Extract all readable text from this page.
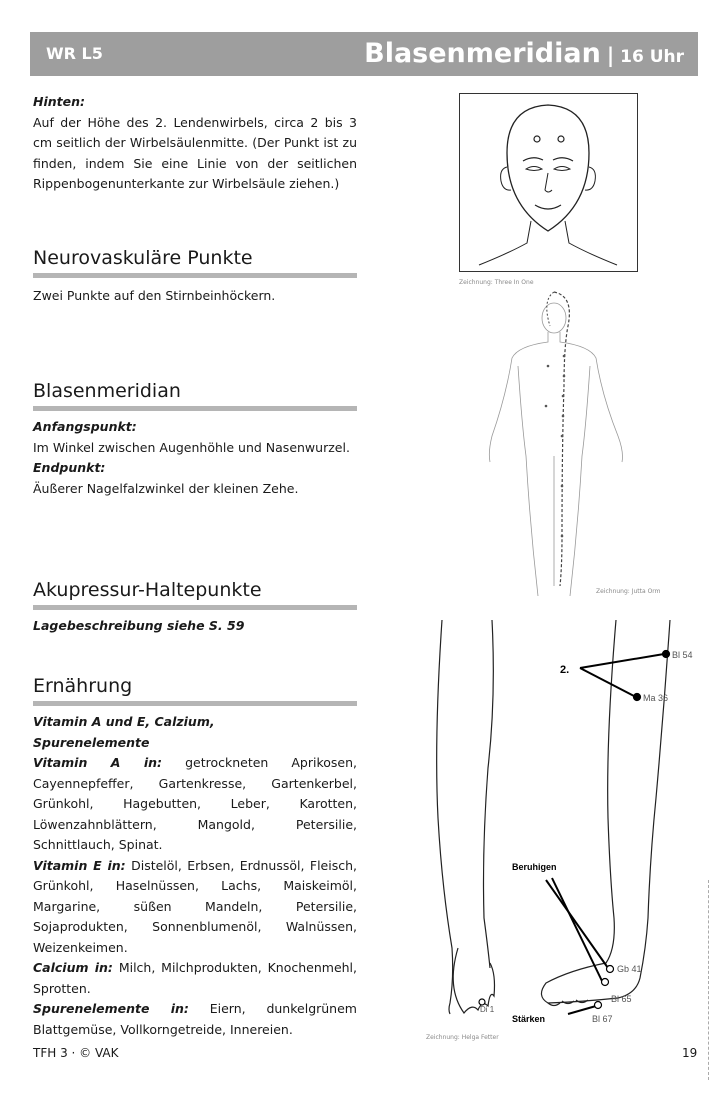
WR L5	Blasenmeridian | 16 Uhr
Hinten:
Auf der Höhe des 2. Lendenwirbels, circa 2 bis 3 cm seitlich der Wirbelsäulenmitte. (Der Punkt ist zu finden, indem Sie eine Linie von der seitlichen Rippenbogenunterkante zur Wirbelsäule ziehen.)
Neurovaskuläre Punkte
Zwei Punkte auf den Stirnbeinhöckern.
Blasenmeridian
Anfangspunkt:
Im Winkel zwischen Augenhöhle und Nasenwurzel.
Endpunkt:
Äußerer Nagelfalzwinkel der kleinen Zehe.
Akupressur-Haltepunkte
Lagebeschreibung siehe S. 59
Ernährung
Vitamin A und E, Calzium,
Spurenelemente
Vitamin A in: getrockneten Aprikosen, Cayennepfeffer, Gartenkresse, Gartenkerbel, Grünkohl, Hagebutten, Leber, Karotten, Löwenzahnblättern, Mangold, Petersilie, Schnittlauch, Spinat.
Vitamin E in: Distelöl, Erbsen, Erdnussöl, Fleisch, Grünkohl, Haselnüssen, Lachs, Maiskeimöl, Margarine, süßen Mandeln, Petersilie, Sojaprodukten, Sonnenblumenöl, Walnüssen, Weizenkeimen.
Calcium in: Milch, Milchprodukten, Knochenmehl, Sprotten.
Spurenelemente in: Eiern, dunkelgrünem Blattgemüse, Vollkorngetreide, Innereien.
Zeichnung: Three In One
Zeichnung: Jutta Orm
2.
Bl 54
Ma 36
Beruhigen
Gb 41
Bl 65
Bl 67
Stärken
Di 1
Zeichnung: Helga Fetter
TFH 3 · © VAK	19
